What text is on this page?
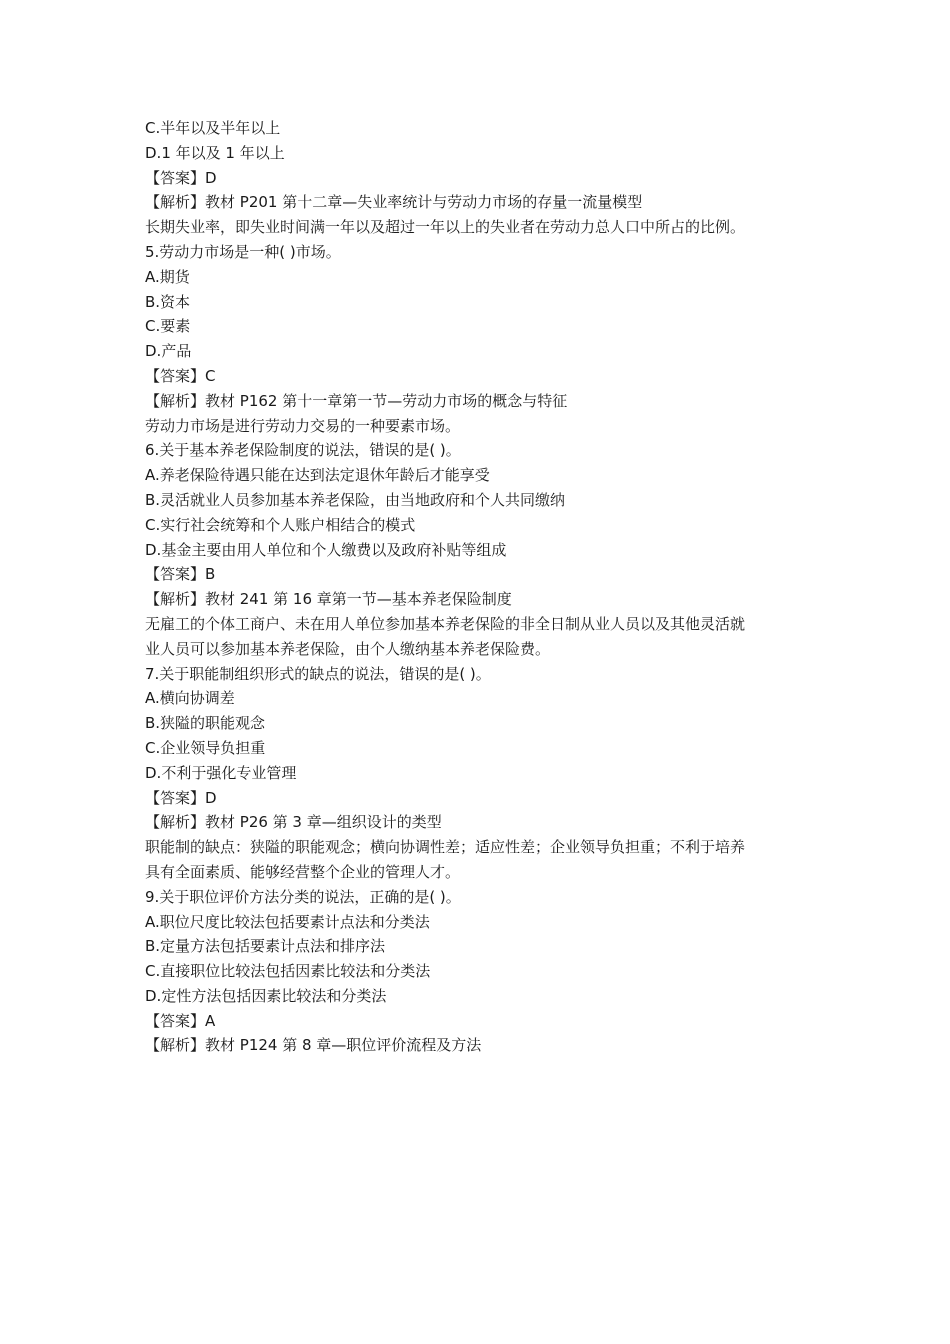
C.半年以及半年以上

D.1 年以及 1 年以上

【答案】D

【解析】教材 P201 第十二章—失业率统计与劳动力市场的存量一流量模型

长期失业率，即失业时间满一年以及超过一年以上的失业者在劳动力总人口中所占的比例。

5.劳动力市场是一种( )市场。

A.期货

B.资本

C.要素

D.产品

【答案】C

【解析】教材 P162 第十一章第一节—劳动力市场的概念与特征

劳动力市场是进行劳动力交易的一种要素市场。

6.关于基本养老保险制度的说法，错误的是( )。

A.养老保险待遇只能在达到法定退休年龄后才能享受

B.灵活就业人员参加基本养老保险，由当地政府和个人共同缴纳

C.实行社会统筹和个人账户相结合的模式

D.基金主要由用人单位和个人缴费以及政府补贴等组成

【答案】B

【解析】教材 241 第 16 章第一节—基本养老保险制度

无雇工的个体工商户、未在用人单位参加基本养老保险的非全日制从业人员以及其他灵活就

业人员可以参加基本养老保险，由个人缴纳基本养老保险费。

7.关于职能制组织形式的缺点的说法，错误的是( )。

A.横向协调差

B.狭隘的职能观念

C.企业领导负担重

D.不利于强化专业管理

【答案】D

【解析】教材 P26 第 3 章—组织设计的类型

职能制的缺点：狭隘的职能观念；横向协调性差；适应性差；企业领导负担重；不利于培养

具有全面素质、能够经营整个企业的管理人才。

9.关于职位评价方法分类的说法，正确的是( )。

A.职位尺度比较法包括要素计点法和分类法

B.定量方法包括要素计点法和排序法

C.直接职位比较法包括因素比较法和分类法

D.定性方法包括因素比较法和分类法

【答案】A

【解析】教材 P124 第 8 章—职位评价流程及方法
